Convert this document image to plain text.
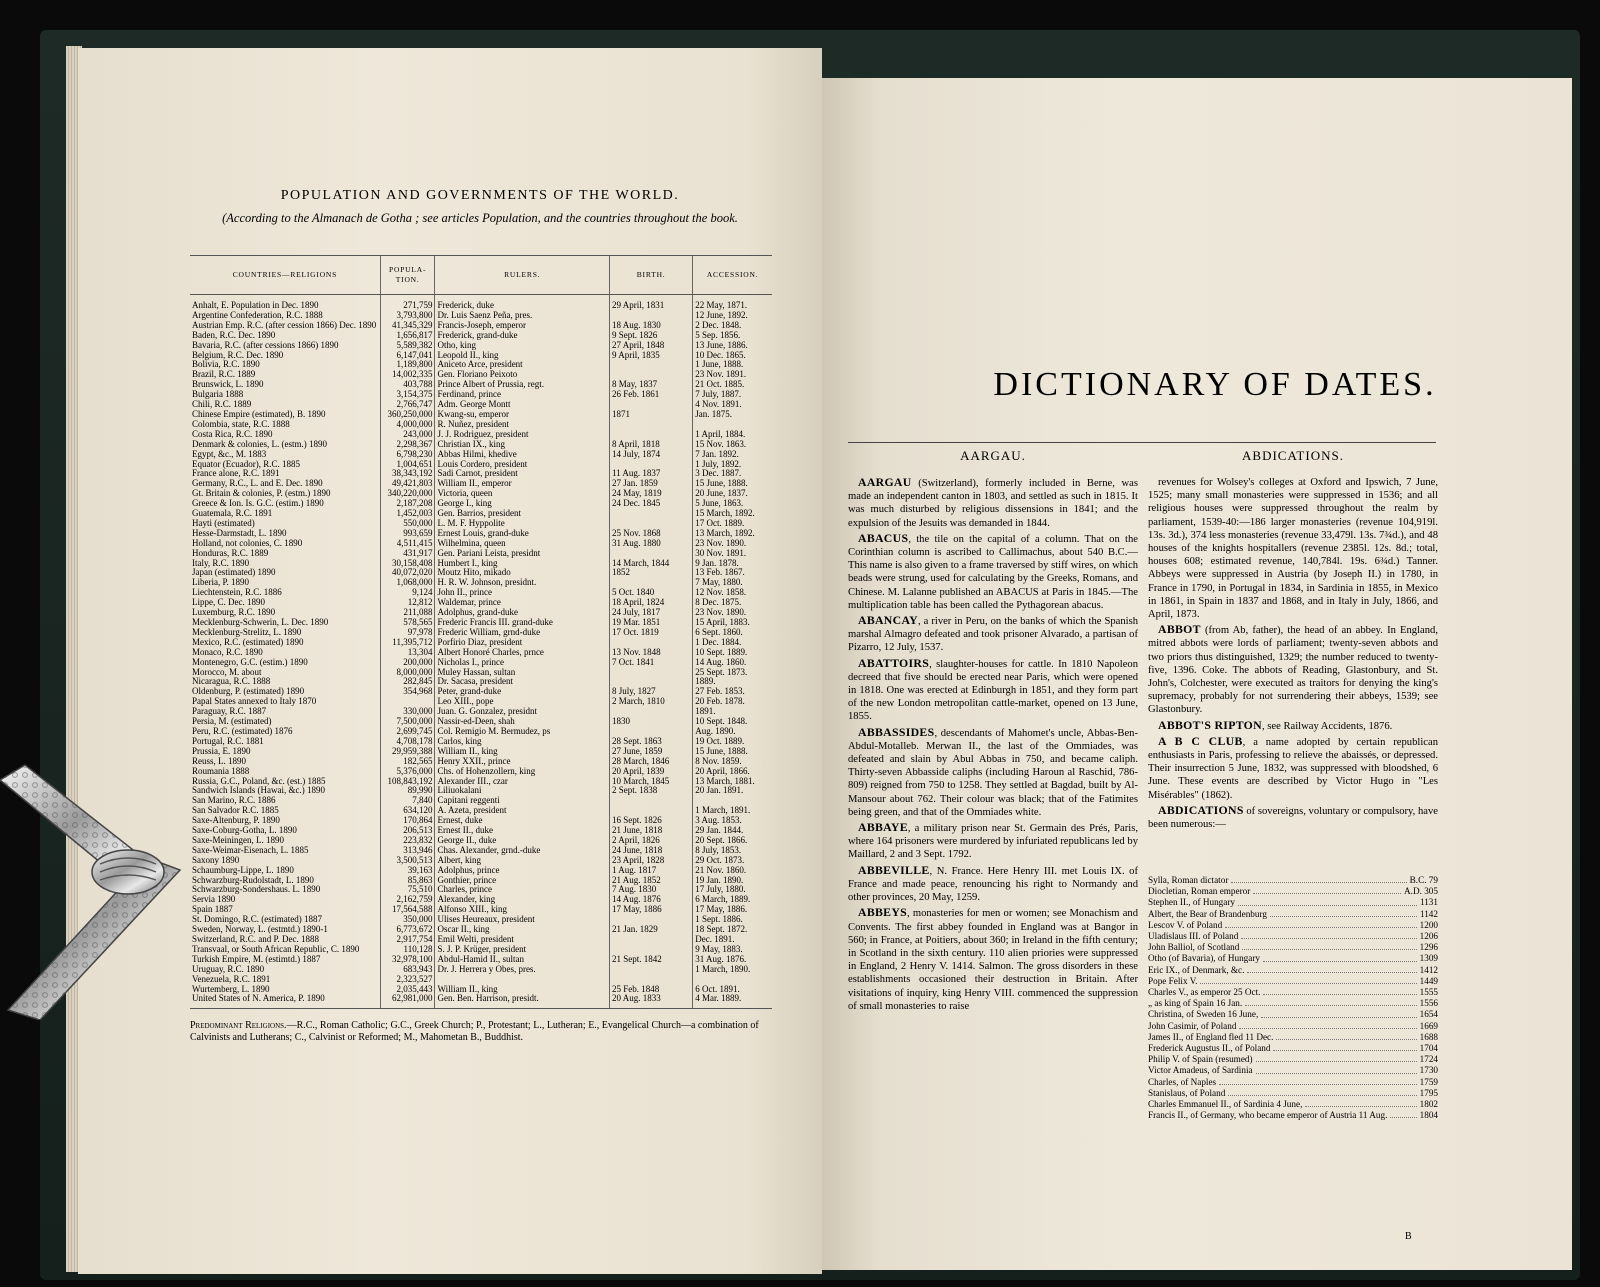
POPULATION AND GOVERNMENTS OF THE WORLD.
(According to the Almanach de Gotha ; see articles Population, and the countries throughout the book.
COUNTRIES—RELIGIONS	POPULA-TION.	RULERS.	BIRTH.	ACCESSION.
Anhalt, E. Population in Dec. 1890	271,759	Frederick, duke	29 April, 1831	22 May, 1871.
Argentine Confederation, R.C. 1888	3,793,800	Dr. Luis Saenz Peña, pres.		12 June, 1892.
Austrian Emp. R.C. (after cession 1866) Dec. 1890	41,345,329	Francis-Joseph, emperor	18 Aug. 1830	2 Dec. 1848.
Baden, R.C. Dec. 1890	1,656,817	Frederick, grand-duke	9 Sept. 1826	5 Sep. 1856.
Bavaria, R.C. (after cessions 1866) 1890	5,589,382	Otho, king	27 April, 1848	13 June, 1886.
Belgium, R.C. Dec. 1890	6,147,041	Leopold II., king	9 April, 1835	10 Dec. 1865.
Bolivia, R.C. 1890	1,189,800	Aniceto Arce, president		1 June, 1888.
Brazil, R.C. 1889	14,002,335	Gen. Floriano Peixoto		23 Nov. 1891.
Brunswick, L. 1890	403,788	Prince Albert of Prussia, regt.	8 May, 1837	21 Oct. 1885.
Bulgaria 1888	3,154,375	Ferdinand, prince	26 Feb. 1861	7 July, 1887.
Chili, R.C. 1889	2,766,747	Adm. George Montt		4 Nov. 1891.
Chinese Empire (estimated), B. 1890	360,250,000	Kwang-su, emperor	1871	Jan. 1875.
Colombia, state, R.C. 1888	4,000,000	R. Nuñez, president		
Costa Rica, R.C. 1890	243,000	J. J. Rodriguez, president		1 April, 1884.
Denmark & colonies, L. (estm.) 1890	2,298,367	Christian IX., king	8 April, 1818	15 Nov. 1863.
Egypt, &c., M. 1883	6,798,230	Abbas Hilmi, khedive	14 July, 1874	7 Jan. 1892.
Equator (Ecuador), R.C. 1885	1,004,651	Louis Cordero, president		1 July, 1892.
France alone, R.C. 1891	38,343,192	Sadi Carnot, president	11 Aug. 1837	3 Dec. 1887.
Germany, R.C., L. and E. Dec. 1890	49,421,803	William II., emperor	27 Jan. 1859	15 June, 1888.
Gt. Britain & colonies, P. (estm.) 1890	340,220,000	Victoria, queen	24 May, 1819	20 June, 1837.
Greece & Ion. Is. G.C. (estim.) 1890	2,187,208	George I., king	24 Dec. 1845	5 June, 1863.
Guatemala, R.C. 1891	1,452,003	Gen. Barrios, president		15 March, 1892.
Hayti (estimated)	550,000	L. M. F. Hyppolite		17 Oct. 1889.
Hesse-Darmstadt, L. 1890	993,659	Ernest Louis, grand-duke	25 Nov. 1868	13 March, 1892.
Holland, not colonies, C. 1890	4,511,415	Wilhelmina, queen	31 Aug. 1880	23 Nov. 1890.
Honduras, R.C. 1889	431,917	Gen. Pariani Leista, presidnt		30 Nov. 1891.
Italy, R.C. 1890	30,158,408	Humbert I., king	14 March, 1844	9 Jan. 1878.
Japan (estimated) 1890	40,072,020	Moutz Hito, mikado	1852	13 Feb. 1867.
Liberia, P. 1890	1,068,000	H. R. W. Johnson, presidnt.		7 May, 1880.
Liechtenstein, R.C. 1886	9,124	John II., prince	5 Oct. 1840	12 Nov. 1858.
Lippe, C. Dec. 1890	12,812	Waldemar, prince	18 April, 1824	8 Dec. 1875.
Luxemburg, R.C. 1890	211,088	Adolphus, grand-duke	24 July, 1817	23 Nov. 1890.
Mecklenburg-Schwerin, L. Dec. 1890	578,565	Frederic Francis III. grand-duke	19 Mar. 1851	15 April, 1883.
Mecklenburg-Strelitz, L. 1890	97,978	Frederic William, grnd-duke	17 Oct. 1819	6 Sept. 1860.
Mexico, R.C. (estimated) 1890	11,395,712	Porfirio Diaz, president		1 Dec. 1884.
Monaco, R.C. 1890	13,304	Albert Honoré Charles, prnce	13 Nov. 1848	10 Sept. 1889.
Montenegro, G.C. (estim.) 1890	200,000	Nicholas I., prince	7 Oct. 1841	14 Aug. 1860.
Morocco, M. about	8,000,000	Muley Hassan, sultan		25 Sept. 1873.
Nicaragua, R.C. 1888	282,845	Dr. Sacasa, president		1889.
Oldenburg, P. (estimated) 1890	354,968	Peter, grand-duke	8 July, 1827	27 Feb. 1853.
Papal States annexed to Italy 1870		Leo XIII., pope	2 March, 1810	20 Feb. 1878.
Paraguay, R.C. 1887	330,000	Juan. G. Gonzalez, presidnt		1891.
Persia, M. (estimated)	7,500,000	Nassir-ed-Deen, shah	1830	10 Sept. 1848.
Peru, R.C. (estimated) 1876	2,699,745	Col. Remigio M. Bermudez, ps		Aug. 1890.
Portugal, R.C. 1881	4,708,178	Carlos, king	28 Sept. 1863	19 Oct. 1889.
Prussia, E. 1890	29,959,388	William II., king	27 June, 1859	15 June, 1888.
Reuss, L. 1890	182,565	Henry XXII., prince	28 March, 1846	8 Nov. 1859.
Roumania 1888	5,376,000	Chs. of Hohenzollern, king	20 April, 1839	20 April, 1866.
Russia, G.C., Poland, &c. (est.) 1885	108,843,192	Alexander III., czar	10 March, 1845	13 March, 1881.
Sandwich Islands (Hawai, &c.) 1890	89,990	Liliuokalani	2 Sept. 1838	20 Jan. 1891.
San Marino, R.C. 1886	7,840	Capitani reggenti		
San Salvador R.C. 1885	634,120	A. Azeta, president		1 March, 1891.
Saxe-Altenburg, P. 1890	170,864	Ernest, duke	16 Sept. 1826	3 Aug. 1853.
Saxe-Coburg-Gotha, L. 1890	206,513	Ernest II., duke	21 June, 1818	29 Jan. 1844.
Saxe-Meiningen, L. 1890	223,832	George II., duke	2 April, 1826	20 Sept. 1866.
Saxe-Weimar-Eisenach, L. 1885	313,946	Chas. Alexander, grnd.-duke	24 June, 1818	8 July, 1853.
Saxony 1890	3,500,513	Albert, king	23 April, 1828	29 Oct. 1873.
Schaumburg-Lippe, L. 1890	39,163	Adolphus, prince	1 Aug. 1817	21 Nov. 1860.
Schwarzburg-Rudolstadt, L. 1890	85,863	Gonthier, prince	21 Aug. 1852	19 Jan. 1890.
Schwarzburg-Sondershaus. L. 1890	75,510	Charles, prince	7 Aug. 1830	17 July, 1880.
Servia 1890	2,162,759	Alexander, king	14 Aug. 1876	6 March, 1889.
Spain 1887	17,564,588	Alfonso XIII., king	17 May, 1886	17 May, 1886.
St. Domingo, R.C. (estimated) 1887	350,000	Ulises Heureaux, president		1 Sept. 1886.
Sweden, Norway, L. (estmtd.) 1890-1	6,773,672	Oscar II., king	21 Jan. 1829	18 Sept. 1872.
Switzerland, R.C. and P. Dec. 1888	2,917,754	Emil Welti, president		Dec. 1891.
Transvaal, or South African Republic, C. 1890	110,128	S. J. P. Krüger, president		9 May, 1883.
Turkish Empire, M. (estimtd.) 1887	32,978,100	Abdul-Hamid II., sultan	21 Sept. 1842	31 Aug. 1876.
Uruguay, R.C. 1890	683,943	Dr. J. Herrera y Obes, pres.		1 March, 1890.
Venezuela, R.C. 1891	2,323,527			
Wurtemberg, L. 1890	2,035,443	William II., king	25 Feb. 1848	6 Oct. 1891.
United States of N. America, P. 1890	62,981,000	Gen. Ben. Harrison, presidt.	20 Aug. 1833	4 Mar. 1889.
Predominant Religions.—R.C., Roman Catholic; G.C., Greek Church; P., Protestant; L., Lutheran; E., Evangelical Church—a combination of Calvinists and Lutherans; C., Calvinist or Reformed; M., Mahometan B., Buddhist.
DICTIONARY OF DATES.
AARGAU.	ABDICATIONS.

AARGAU (Switzerland), formerly included in Berne, was made an independent canton in 1803, and settled as such in 1815. It was much disturbed by religious dissensions in 1841; and the expulsion of the Jesuits was demanded in 1844.

ABACUS, the tile on the capital of a column. That on the Corinthian column is ascribed to Callimachus, about 540 B.C.—This name is also given to a frame traversed by stiff wires, on which beads were strung, used for calculating by the Greeks, Romans, and Chinese. M. Lalanne published an ABACUS at Paris in 1845.—The multiplication table has been called the Pythagorean abacus.

ABANCAY, a river in Peru, on the banks of which the Spanish marshal Almagro defeated and took prisoner Alvarado, a partisan of Pizarro, 12 July, 1537.

ABATTOIRS, slaughter-houses for cattle. In 1810 Napoleon decreed that five should be erected near Paris, which were opened in 1818. One was erected at Edinburgh in 1851, and they form part of the new London metropolitan cattle-market, opened on 13 June, 1855.

ABBASSIDES, descendants of Mahomet's uncle, Abbas-Ben-Abdul-Motalleb. Merwan II., the last of the Ommiades, was defeated and slain by Abul Abbas in 750, and became caliph. Thirty-seven Abbasside caliphs (including Haroun al Raschid, 786-809) reigned from 750 to 1258. They settled at Bagdad, built by Al-Mansour about 762. Their colour was black; that of the Fatimites being green, and that of the Ommiades white.

ABBAYE, a military prison near St. Germain des Prés, Paris, where 164 prisoners were murdered by infuriated republicans led by Maillard, 2 and 3 Sept. 1792.

ABBEVILLE, N. France. Here Henry III. met Louis IX. of France and made peace, renouncing his right to Normandy and other provinces, 20 May, 1259.

ABBEYS, monasteries for men or women; see Monachism and Convents. The first abbey founded in England was at Bangor in 560; in France, at Poitiers, about 360; in Ireland in the fifth century; in Scotland in the sixth century. 110 alien priories were suppressed in England, 2 Henry V. 1414. Salmon. The gross disorders in these establishments occasioned their destruction in Britain. After visitations of inquiry, king Henry VIII. commenced the suppression of small monasteries to raise

revenues for Wolsey's colleges at Oxford and Ipswich, 7 June, 1525; many small monasteries were suppressed in 1536; and all religious houses were suppressed throughout the realm by parliament, 1539-40:—186 larger monasteries (revenue 104,919l. 13s. 3d.), 374 less monasteries (revenue 33,479l. 13s. 7¾d.), and 48 houses of the knights hospitallers (revenue 2385l. 12s. 8d.; total, houses 608; estimated revenue, 140,784l. 19s. 6¾d.) Tanner. Abbeys were suppressed in Austria (by Joseph II.) in 1780, in France in 1790, in Portugal in 1834, in Sardinia in 1855, in Mexico in 1861, in Spain in 1837 and 1868, and in Italy in July, 1866, and April, 1873.

ABBOT (from Ab, father), the head of an abbey. In England, mitred abbots were lords of parliament; twenty-seven abbots and two priors thus distinguished, 1329; the number reduced to twenty-five, 1396. Coke. The abbots of Reading, Glastonbury, and St. John's, Colchester, were executed as traitors for denying the king's supremacy, probably for not surrendering their abbeys, 1539; see Glastonbury.

ABBOT'S RIPTON, see Railway Accidents, 1876.

A B C CLUB, a name adopted by certain republican enthusiasts in Paris, professing to relieve the abaissés, or depressed. Their insurrection 5 June, 1832, was suppressed with bloodshed, 6 June. These events are described by Victor Hugo in "Les Misérables" (1862).

ABDICATIONS of sovereigns, voluntary or compulsory, have been numerous:—

Sylla, Roman dictator	B.C. 79
Diocletian, Roman emperor	A.D. 305
Stephen II., of Hungary	1131
Albert, the Bear of Brandenburg	1142
Lescov V. of Poland	1200
Uladislaus III. of Poland	1206
John Balliol, of Scotland	1296
Otho (of Bavaria), of Hungary	1309
Eric IX., of Denmark, &c.	1412
Pope Felix V.	1449
Charles V., as emperor 25 Oct.	1555
„ as king of Spain 16 Jan.	1556
Christina, of Sweden 16 June,	1654
John Casimir, of Poland	1669
James II., of England fled 11 Dec.	1688
Frederick Augustus II., of Poland	1704
Philip V. of Spain (resumed)	1724
Victor Amadeus, of Sardinia	1730
Charles, of Naples	1759
Stanislaus, of Poland	1795
Charles Emmanuel II., of Sardinia 4 June,	1802
Francis II., of Germany, who became emperor of Austria 11 Aug.	1804
B
